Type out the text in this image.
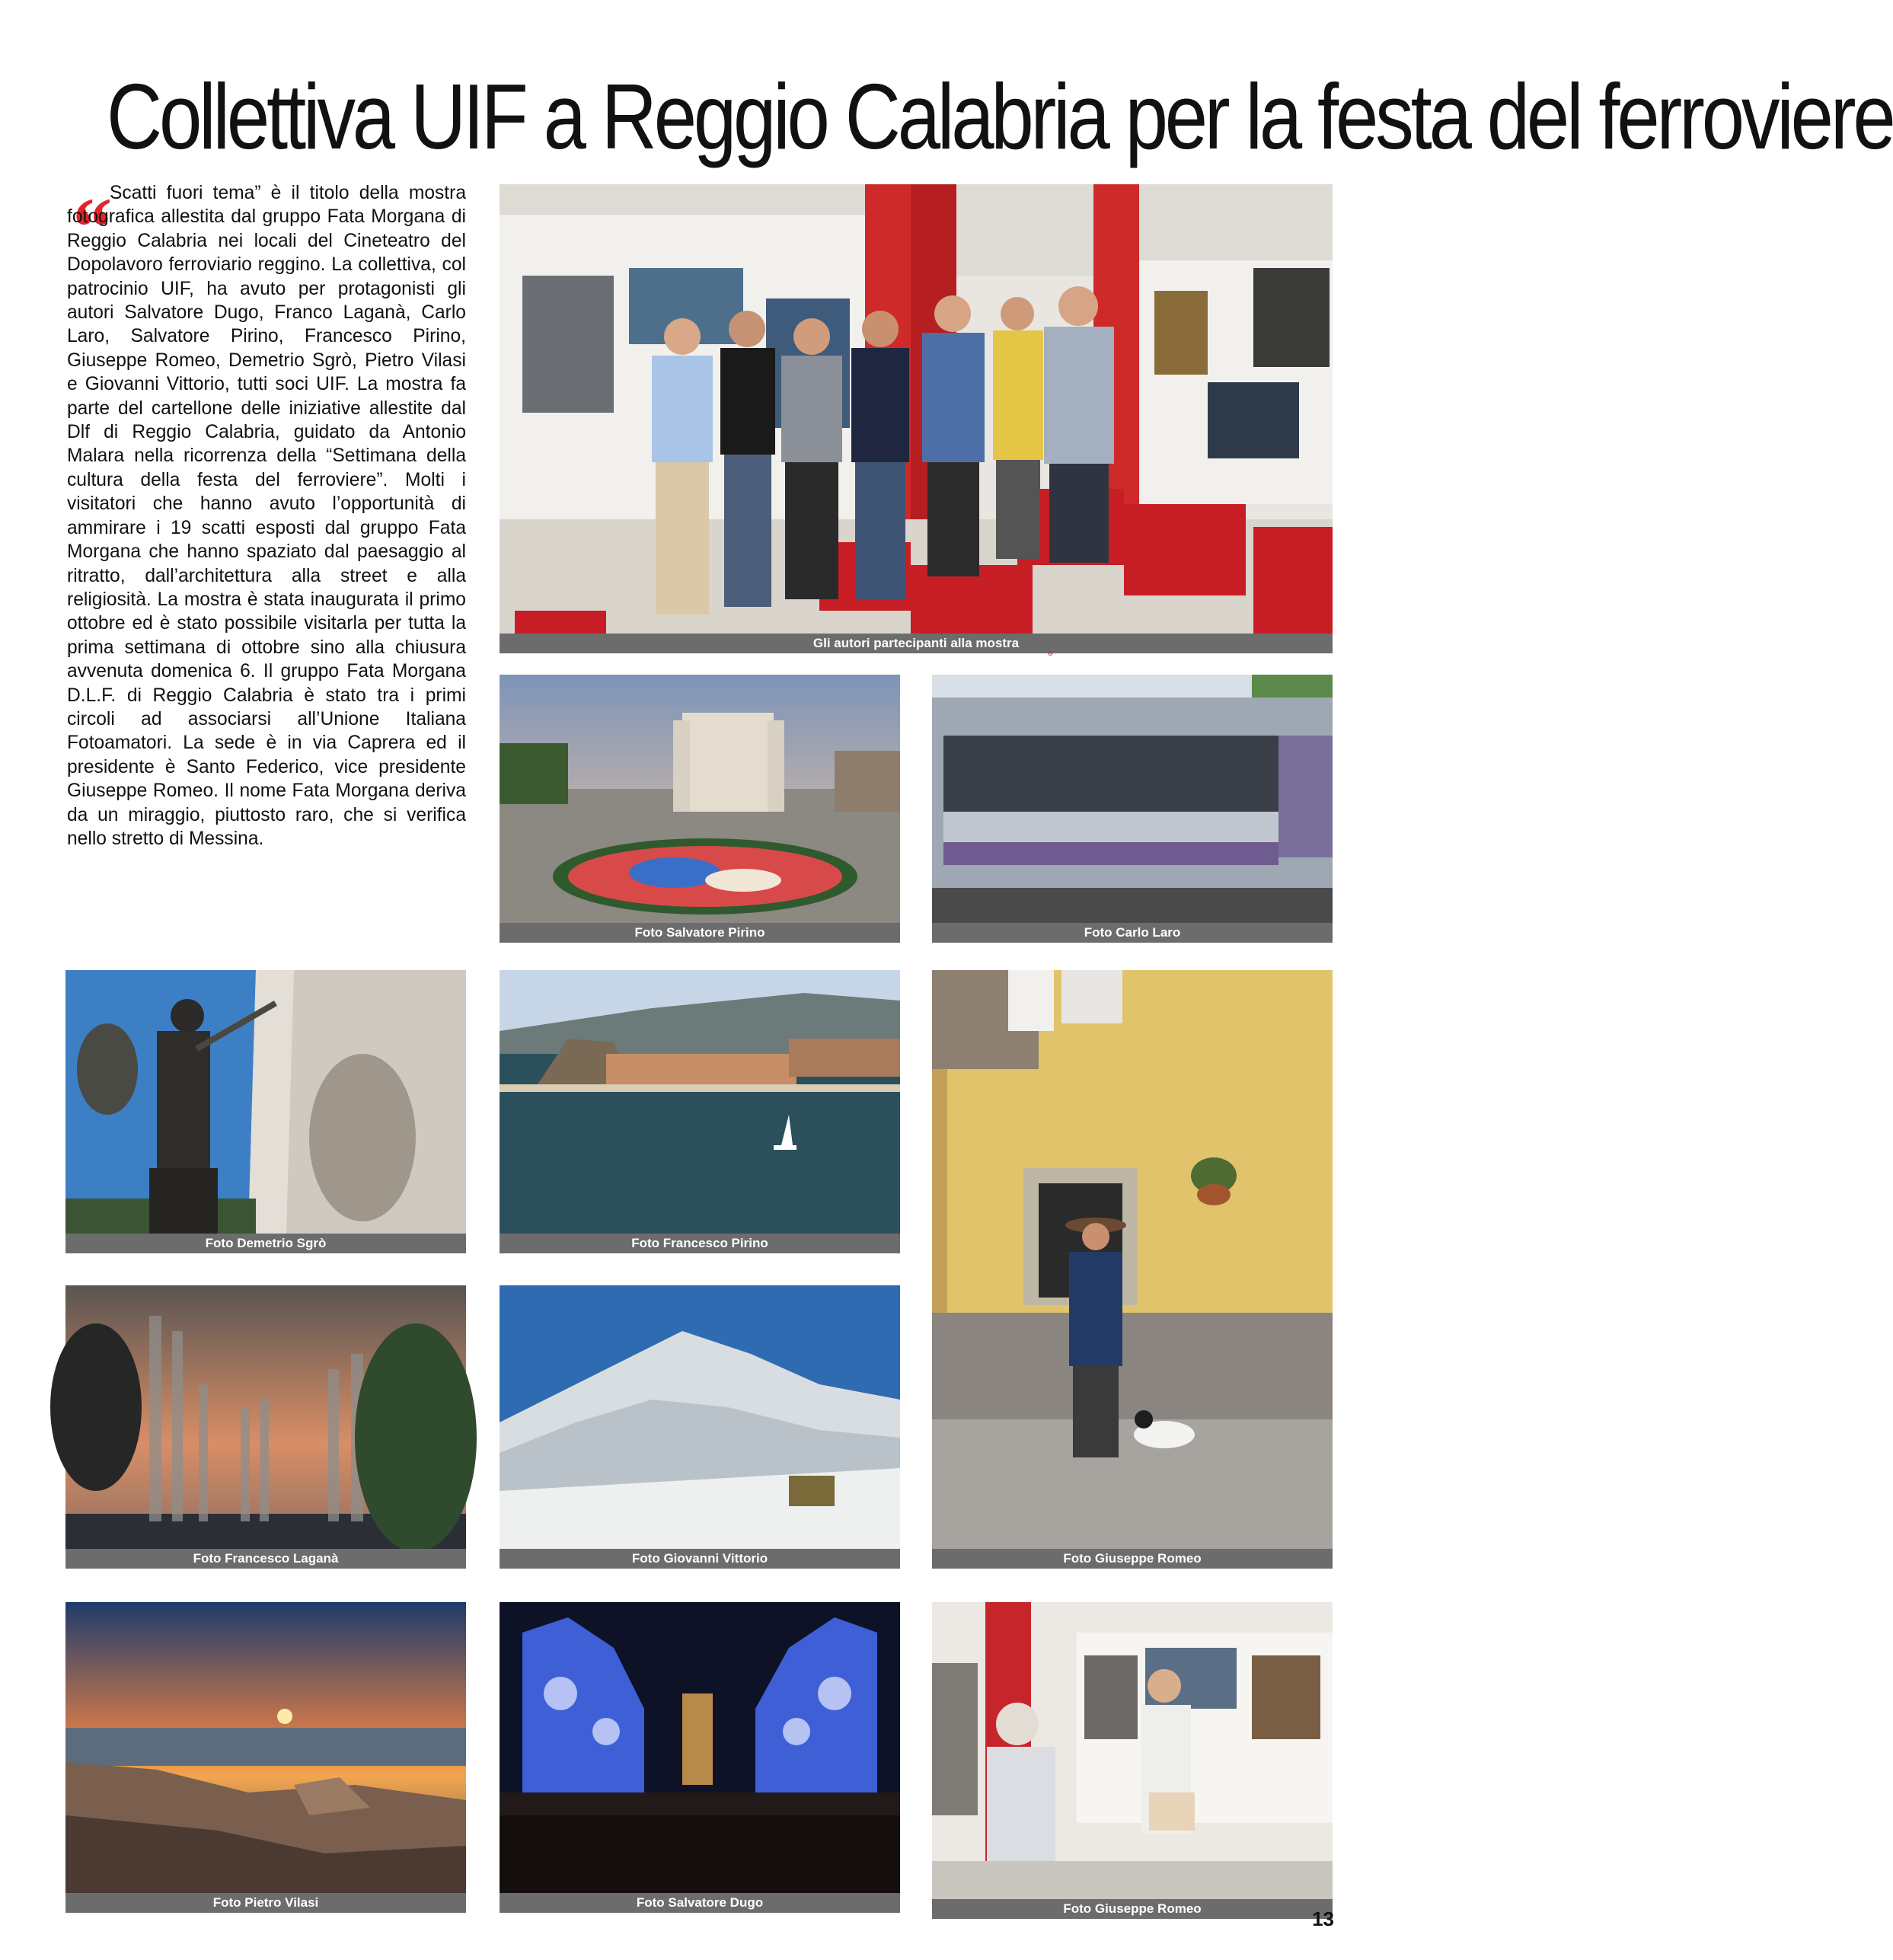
Collettiva UIF a Reggio Calabria per la festa del ferroviere
“ Scatti fuori tema” è il titolo della mostra fotografica allestita dal gruppo Fata Morgana di Reggio Calabria nei locali del Cineteatro del Dopolavoro ferroviario reggino. La collettiva, col patrocinio UIF, ha avuto per protagonisti gli autori Salvatore Dugo, Franco Laganà, Carlo Laro, Salvatore Pirino, Francesco Pirino, Giuseppe Romeo, Demetrio Sgrò, Pietro Vilasi e Giovanni Vittorio, tutti soci UIF. La mostra fa parte del cartellone delle iniziative allestite dal Dlf di Reggio Calabria, guidato da Antonio Malara nella ricorrenza della “Settimana della cultura della festa del ferroviere”. Molti i visitatori che hanno avuto l’opportunità di ammirare i 19 scatti esposti dal gruppo Fata Morgana che hanno spaziato dal paesaggio al ritratto, dall’architettura alla street e alla religiosità. La mostra è stata inaugurata il primo ottobre ed è stato possibile visitarla per tutta la prima settimana di ottobre sino alla chiusura avvenuta domenica 6. Il gruppo Fata Morgana D.L.F. di Reggio Calabria è stato tra i primi circoli ad associarsi all’Unione Italiana Fotoamatori. La sede è in via Caprera ed il presidente è Santo Federico, vice presidente Giuseppe Romeo. Il nome Fata Morgana deriva da un miraggio, piuttosto raro, che si verifica nello stretto di Messina.
Gli autori partecipanti alla mostra
ə
Foto Salvatore Pirino	Foto Carlo Laro
Foto Demetrio Sgrò	Foto Francesco Pirino
Foto Giuseppe Romeo
Foto Francesco Laganà	Foto Giovanni Vittorio
Foto Pietro Vilasi	Foto Salvatore Dugo	Foto Giuseppe Romeo	13
